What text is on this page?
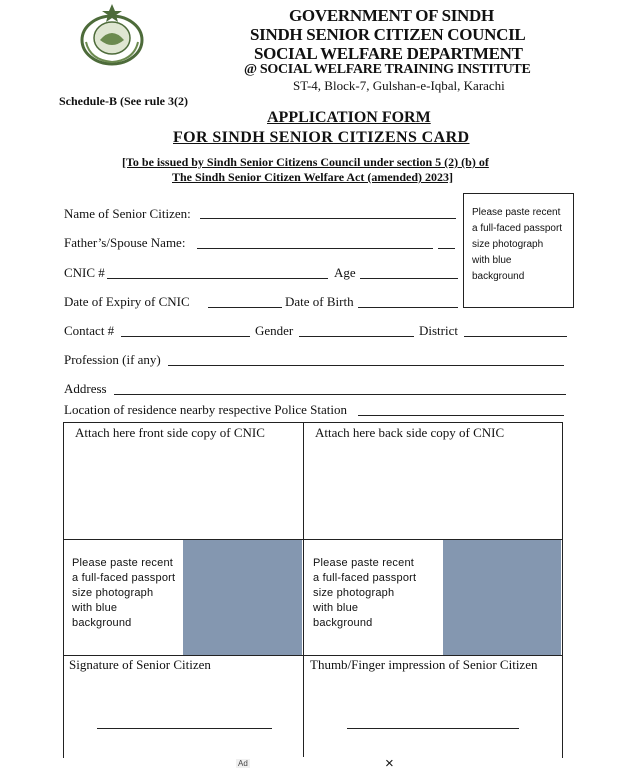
GOVERNMENT OF SINDH
SINDH SENIOR CITIZEN COUNCIL
SOCIAL WELFARE DEPARTMENT
@ SOCIAL WELFARE TRAINING INSTITUTE
ST-4, Block-7, Gulshan-e-Iqbal, Karachi
Schedule-B (See rule 3(2)
APPLICATION FORM
FOR SINDH SENIOR CITIZENS CARD
[To be issued by Sindh Senior Citizens Council under section 5 (2) (b) of
The Sindh Senior Citizen Welfare Act (amended) 2023]
Please paste recent
a full-faced passport
size photograph
with blue
background
Name of Senior Citizen:
Father’s/Spouse Name:
CNIC #	Age
Date of Expiry of CNIC	Date of Birth
Contact #	Gender	District
Profession (if any)
Address
Location of residence nearby respective Police Station
Attach here front side copy of CNIC	Attach here back side copy of CNIC
Please paste recent
a full-faced passport
size photograph
with blue
background
Please paste recent
a full-faced passport
size photograph
with blue
background
Signature of Senior Citizen	Thumb/Finger impression of Senior Citizen
Ad	×
